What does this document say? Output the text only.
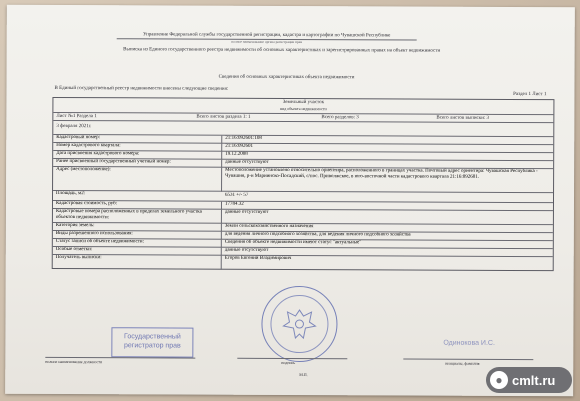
Управление Федеральной службы государственной регистрации, кадастра и картографии по Чувашской Республике
полное наименование органа регистрации прав
Выписка из Единого государственного реестра недвижимости об основных характеристиках и зарегистрированных правах на объект недвижимости
Сведения об основных характеристиках объекта недвижимости
В Единый государственный реестр недвижимости внесены следующие сведения:
Раздел 1 Лист 1
Земельный участок
вид объекта недвижимости
Лист №1 Раздела 1	Всего листов раздела 1: 1	Всего разделов: 3	Всего листов выписки: 3
3 февраля 2021г.
Кадастровый номер:	21:16:092601:108
Номер кадастрового квартала:	21:16:092601
Дата присвоения кадастрового номера:	19.12.2008
Ранее присвоенный государственный учетный номер:	данные отсутствуют
Адрес (местоположение):	Местоположение установлено относительно ориентира, расположенного в границах участка. Почтовый адрес ориентира: Чувашская Республика - Чувашия, р-н Мариинско-Посадский, с/пос. Приволжское, в юго-восточной части кадастрового квартала 21:16:092601.
Площадь, м2:	6531 +/- 57
Кадастровая стоимость, руб:	17784.32
Кадастровые номера расположенных в пределах земельного участка объектов недвижимости:
данные отсутствуют
Категория земель:	Земли сельскохозяйственного назначения
Виды разрешенного использования:	для ведения личного подсобного хозяйства, для ведения личного подсобного хозяйства
Статус записи об объекте недвижимости:	Сведения об объекте недвижимости имеют статус "актуальные"
Особые отметки:	данные отсутствуют
Получатель выписки:	Егоров Евгений Владимирович
Государственный регистратор прав	Одинокова И.С.
полное наименование должности	подпись	инициалы, фамилия
М.П.	● cmlt.ru
